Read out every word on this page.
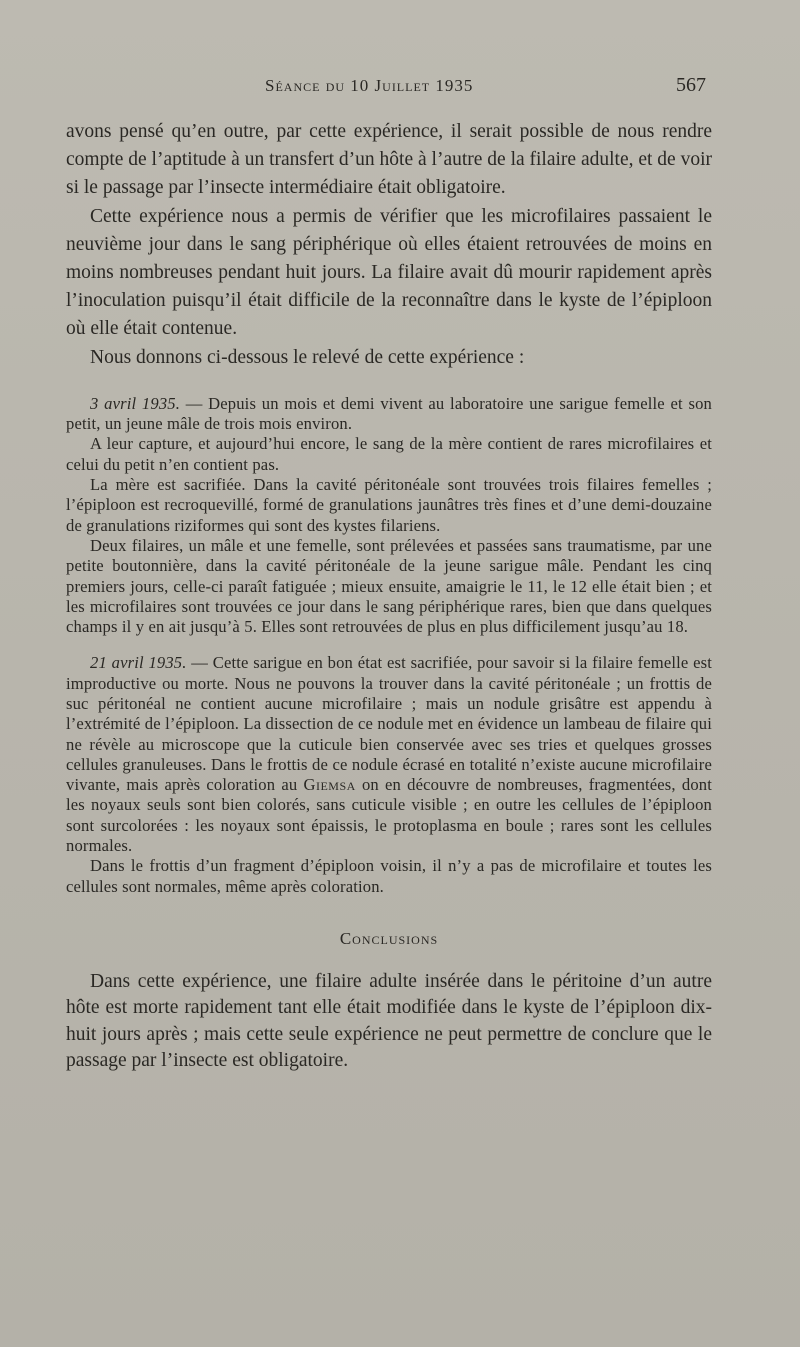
Séance du 10 Juillet 1935	567

avons pensé qu’en outre, par cette expérience, il serait possible de nous rendre compte de l’aptitude à un transfert d’un hôte à l’autre de la filaire adulte, et de voir si le passage par l’insecte intermédiaire était obligatoire.

Cette expérience nous a permis de vérifier que les microfilaires passaient le neuvième jour dans le sang périphérique où elles étaient retrouvées de moins en moins nombreuses pendant huit jours. La filaire avait dû mourir rapidement après l’inoculation puisqu’il était difficile de la reconnaître dans le kyste de l’épiploon où elle était contenue.

Nous donnons ci-dessous le relevé de cette expérience :

3 avril 1935. — Depuis un mois et demi vivent au laboratoire une sarigue femelle et son petit, un jeune mâle de trois mois environ.

A leur capture, et aujourd’hui encore, le sang de la mère contient de rares microfilaires et celui du petit n’en contient pas.

La mère est sacrifiée. Dans la cavité péritonéale sont trouvées trois filaires femelles ; l’épiploon est recroquevillé, formé de granulations jaunâtres très fines et d’une demi-douzaine de granulations riziformes qui sont des kystes filariens.

Deux filaires, un mâle et une femelle, sont prélevées et passées sans traumatisme, par une petite boutonnière, dans la cavité péritonéale de la jeune sarigue mâle. Pendant les cinq premiers jours, celle-ci paraît fatiguée ; mieux ensuite, amaigrie le 11, le 12 elle était bien ; et les microfilaires sont trouvées ce jour dans le sang périphérique rares, bien que dans quelques champs il y en ait jusqu’à 5. Elles sont retrouvées de plus en plus difficilement jusqu’au 18.

21 avril 1935. — Cette sarigue en bon état est sacrifiée, pour savoir si la filaire femelle est improductive ou morte. Nous ne pouvons la trouver dans la cavité péritonéale ; un frottis de suc péritonéal ne contient aucune microfilaire ; mais un nodule grisâtre est appendu à l’extrémité de l’épiploon. La dissection de ce nodule met en évidence un lambeau de filaire qui ne révèle au microscope que la cuticule bien conservée avec ses tries et quelques grosses cellules granuleuses. Dans le frottis de ce nodule écrasé en totalité n’existe aucune microfilaire vivante, mais après coloration au Giemsa on en découvre de nombreuses, fragmentées, dont les noyaux seuls sont bien colorés, sans cuticule visible ; en outre les cellules de l’épiploon sont surcolorées : les noyaux sont épaissis, le protoplasma en boule ; rares sont les cellules normales.

Dans le frottis d’un fragment d’épiploon voisin, il n’y a pas de microfilaire et toutes les cellules sont normales, même après coloration.

Conclusions

Dans cette expérience, une filaire adulte insérée dans le péritoine d’un autre hôte est morte rapidement tant elle était modifiée dans le kyste de l’épiploon dix-huit jours après ; mais cette seule expérience ne peut permettre de conclure que le passage par l’insecte est obligatoire.
